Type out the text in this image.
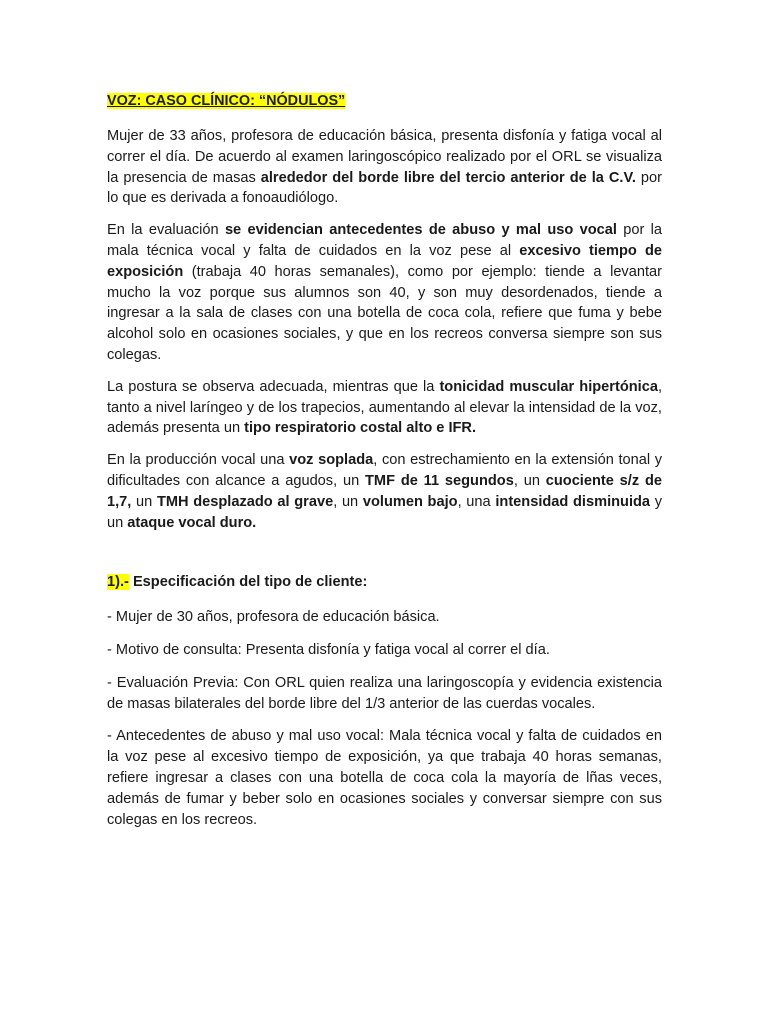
VOZ: CASO CLÍNICO: “NÓDULOS”

Mujer de 33 años, profesora de educación básica, presenta disfonía y fatiga vocal al correr el día. De acuerdo al examen laringoscópico realizado por el ORL se visualiza la presencia de masas alrededor del borde libre del tercio anterior de la C.V. por lo que es derivada a fonoaudiólogo.

En la evaluación se evidencian antecedentes de abuso y mal uso vocal por la mala técnica vocal y falta de cuidados en la voz pese al excesivo tiempo de exposición (trabaja 40 horas semanales), como por ejemplo: tiende a levantar mucho la voz porque sus alumnos son 40, y son muy desordenados, tiende a ingresar a la sala de clases con una botella de coca cola, refiere que fuma y bebe alcohol solo en ocasiones sociales, y que en los recreos conversa siempre son sus colegas.

La postura se observa adecuada, mientras que la tonicidad muscular hipertónica, tanto a nivel laríngeo y de los trapecios, aumentando al elevar la intensidad de la voz, además presenta un tipo respiratorio costal alto e IFR.

En la producción vocal una voz soplada, con estrechamiento en la extensión tonal y dificultades con alcance a agudos, un TMF de 11 segundos, un cuociente s/z de 1,7, un TMH desplazado al grave, un volumen bajo, una intensidad disminuida y un ataque vocal duro.

1).- Especificación del tipo de cliente:

- Mujer de 30 años, profesora de educación básica.

- Motivo de consulta: Presenta disfonía y fatiga vocal al correr el día.

- Evaluación Previa: Con ORL quien realiza una laringoscopía y evidencia existencia de masas bilaterales del borde libre del 1/3 anterior de las cuerdas vocales.

- Antecedentes de abuso y mal uso vocal: Mala técnica vocal y falta de cuidados en la voz pese al excesivo tiempo de exposición, ya que trabaja 40 horas semanas, refiere ingresar a clases con una botella de coca cola la mayoría de lñas veces, además de fumar y beber solo en ocasiones sociales y conversar siempre con sus colegas en los recreos.
